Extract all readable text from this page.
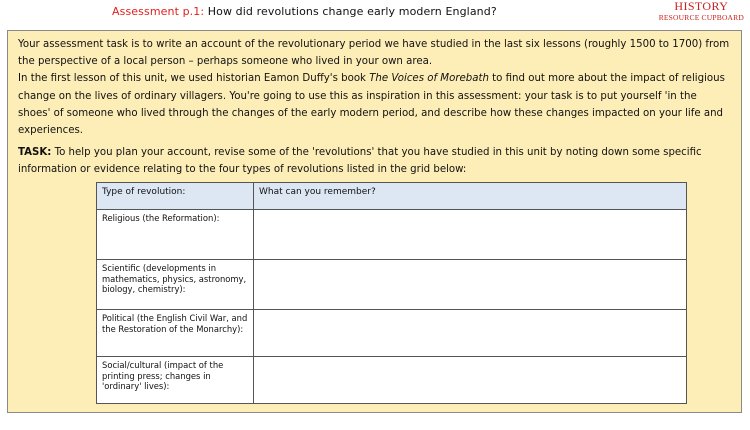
Assessment p.1: How did revolutions change early modern England?	HISTORY
RESOURCE CUPBOARD

Your assessment task is to write an account of the revolutionary period we have studied in the last six lessons (roughly 1500 to 1700) from the perspective of a local person – perhaps someone who lived in your own area.

In the first lesson of this unit, we used historian Eamon Duffy's book The Voices of Morebath to find out more about the impact of religious change on the lives of ordinary villagers. You're going to use this as inspiration in this assessment: your task is to put yourself 'in the shoes' of someone who lived through the changes of the early modern period, and describe how these changes impacted on your life and experiences.

TASK: To help you plan your account, revise some of the 'revolutions' that you have studied in this unit by noting down some specific information or evidence relating to the four types of revolutions listed in the grid below:
Type of revolution:	What can you remember?
Religious (the Reformation):	
Scientific (developments in mathematics, physics, astronomy, biology, chemistry):	
Political (the English Civil War, and the Restoration of the Monarchy):	
Social/cultural (impact of the printing press; changes in 'ordinary' lives):	
